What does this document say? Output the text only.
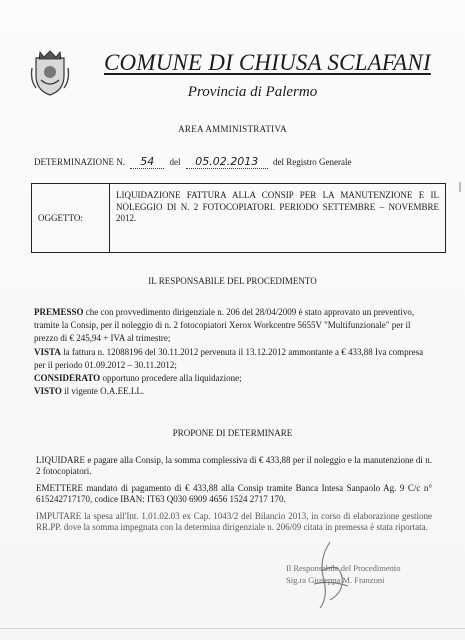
COMUNE DI CHIUSA SCLAFANI
Provincia di Palermo
AREA AMMINISTRATIVA
DETERMINAZIONE N. 54 del 05.02.2013 del Registro Generale
OGGETTO:
LIQUIDAZIONE FATTURA ALLA CONSIP PER LA MANUTENZIONE E IL NOLEGGIO DI N. 2 FOTOCOPIATORI. PERIODO SETTEMBRE – NOVEMBRE 2012.
IL RESPONSABILE DEL PROCEDIMENTO

PREMESSO che con provvedimento dirigenziale n. 206 del 28/04/2009 è stato approvato un preventivo, tramite la Consip, per il noleggio di n. 2 fotocopiatori Xerox Workcentre 5655V "Multifunzionale" per il prezzo di € 245,94 + IVA al trimestre;

VISTA la fattura n. 12088196 del 30.11.2012 pervenuta il 13.12.2012 ammontante a € 433,88 Iva compresa per il periodo 01.09.2012 – 30.11.2012;

CONSIDERATO opportuno procedere alla liquidazione;

VISTO il vigente O.A.EE.LL.

PROPONE DI DETERMINARE

LIQUIDARE e pagare alla Consip, la somma complessiva di € 433,88 per il noleggio e la manutenzione di n. 2 fotocopiatori.

EMETTERE mandato di pagamento di € 433,88 alla Consip tramite Banca Intesa Sanpaolo Ag. 9 C/c n° 615242717170, codice IBAN: IT63 Q030 6909 4656 1524 2717 170.

IMPUTARE la spesa all'Int. 1.01.02.03 ex Cap. 1043/2 del Bilancio 2013, in corso di elaborazione gestione RR.PP. dove la somma impegnata con la determina dirigenziale n. 206/09 citata in premessa è stata riportata.

Il Responsabile del Procedimento
Sig.ra Giuseppa M. Franzoni
